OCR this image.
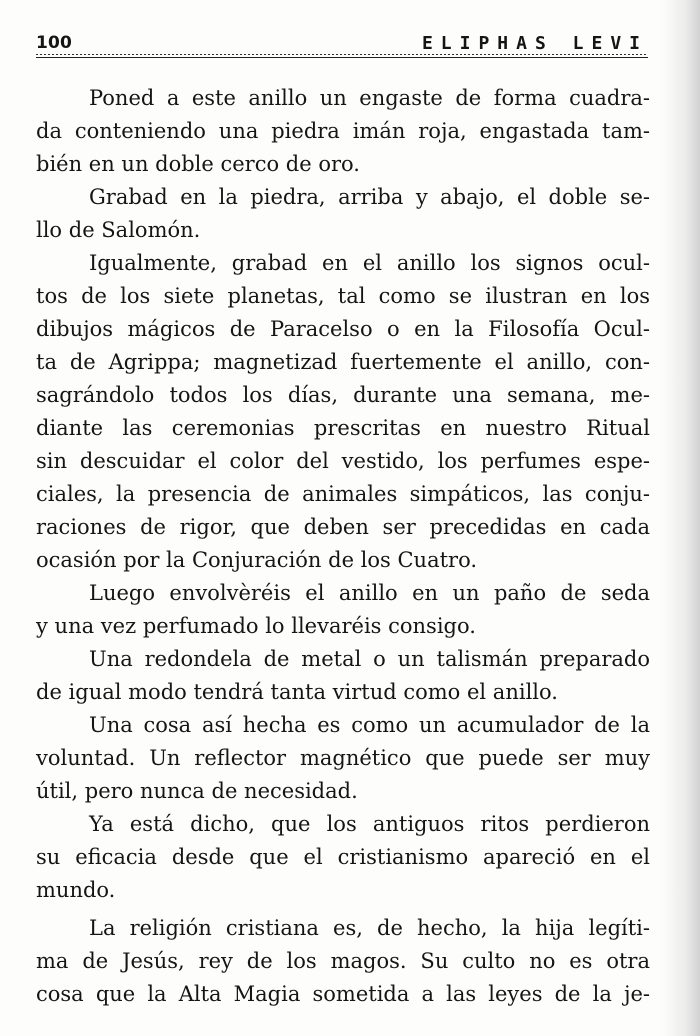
100	ELIPHAS LEVI
Poned a este anillo un engaste de forma cuadra-
da conteniendo una piedra imán roja, engastada tam-
bién en un doble cerco de oro.
Grabad en la piedra, arriba y abajo, el doble se-
llo de Salomón.
Igualmente, grabad en el anillo los signos ocul-
tos de los siete planetas, tal como se ilustran en los
dibujos mágicos de Paracelso o en la Filosofía Ocul-
ta de Agrippa; magnetizad fuertemente el anillo, con-
sagrándolo todos los días, durante una semana, me-
diante las ceremonias prescritas en nuestro Ritual
sin descuidar el color del vestido, los perfumes espe-
ciales, la presencia de animales simpáticos, las conju-
raciones de rigor, que deben ser precedidas en cada
ocasión por la Conjuración de los Cuatro.
Luego envolvèréis el anillo en un paño de seda
y una vez perfumado lo llevaréis consigo.
Una redondela de metal o un talismán preparado
de igual modo tendrá tanta virtud como el anillo.
Una cosa así hecha es como un acumulador de la
voluntad. Un reflector magnético que puede ser muy
útil, pero nunca de necesidad.
Ya está dicho, que los antiguos ritos perdieron
su eficacia desde que el cristianismo apareció en el
mundo.
La religión cristiana es, de hecho, la hija legíti-
ma de Jesús, rey de los magos. Su culto no es otra
cosa que la Alta Magia sometida a las leyes de la je-
